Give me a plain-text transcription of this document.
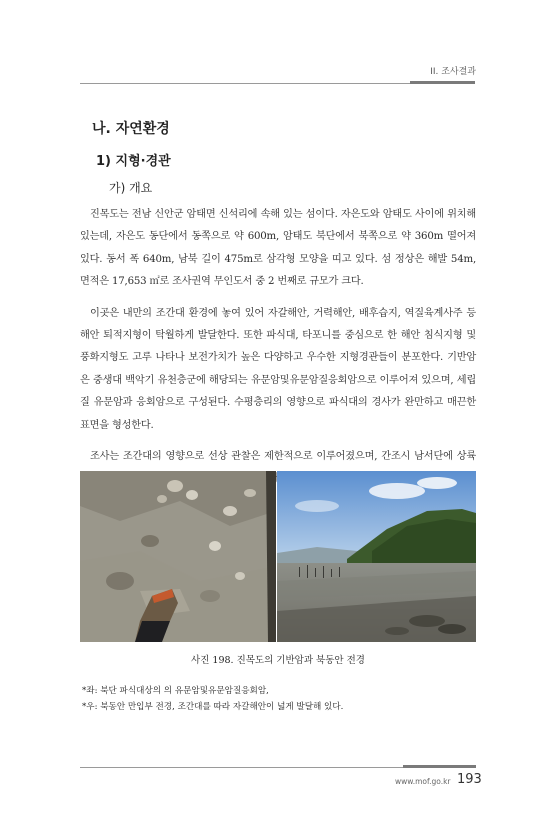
II. 조사결과
나. 자연환경
1) 지형·경관
가) 개요

진목도는 전남 신안군 암태면 신석리에 속해 있는 섬이다. 자은도와 암태도 사이에 위치해 있는데, 자은도 동단에서 동쪽으로 약 600m, 암태도 북단에서 북쪽으로 약 360m 떨어져 있다. 동서 폭 640m, 남북 길이 475m로 삼각형 모양을 띠고 있다. 섬 정상은 해발 54m, 면적은 17,653 ㎡로 조사권역 무인도서 중 2 번째로 규모가 크다.

이곳은 내만의 조간대 환경에 놓여 있어 자갈해안, 거력해안, 배후습지, 역질육계사주 등 해안 퇴적지형이 탁월하게 발달한다. 또한 파식대, 타포니를 중심으로 한 해안 침식지형 및 풍화지형도 고루 나타나 보전가치가 높은 다양하고 우수한 지형경관들이 분포한다. 기반암은 중생대 백악기 유천층군에 해당되는 유문암및유문암질응회암으로 이루어져 있으며, 세립질 유문암과 응회암으로 구성된다. 수평층리의 영향으로 파식대의 경사가 완만하고 매끈한 표면을 형성한다.

조사는 조간대의 영향으로 선상 관찰은 제한적으로 이루어졌으며, 간조시 남서단에 상륙

사진 198. 진목도의 기반암과 북동안 전경
*좌: 북단 파식대상의 의 유문암및유문암질응회암,
*우: 북동안 만입부 전경, 조간대를 따라 자갈해안이 넓게 발달해 있다.
www.mof.go.kr 193
